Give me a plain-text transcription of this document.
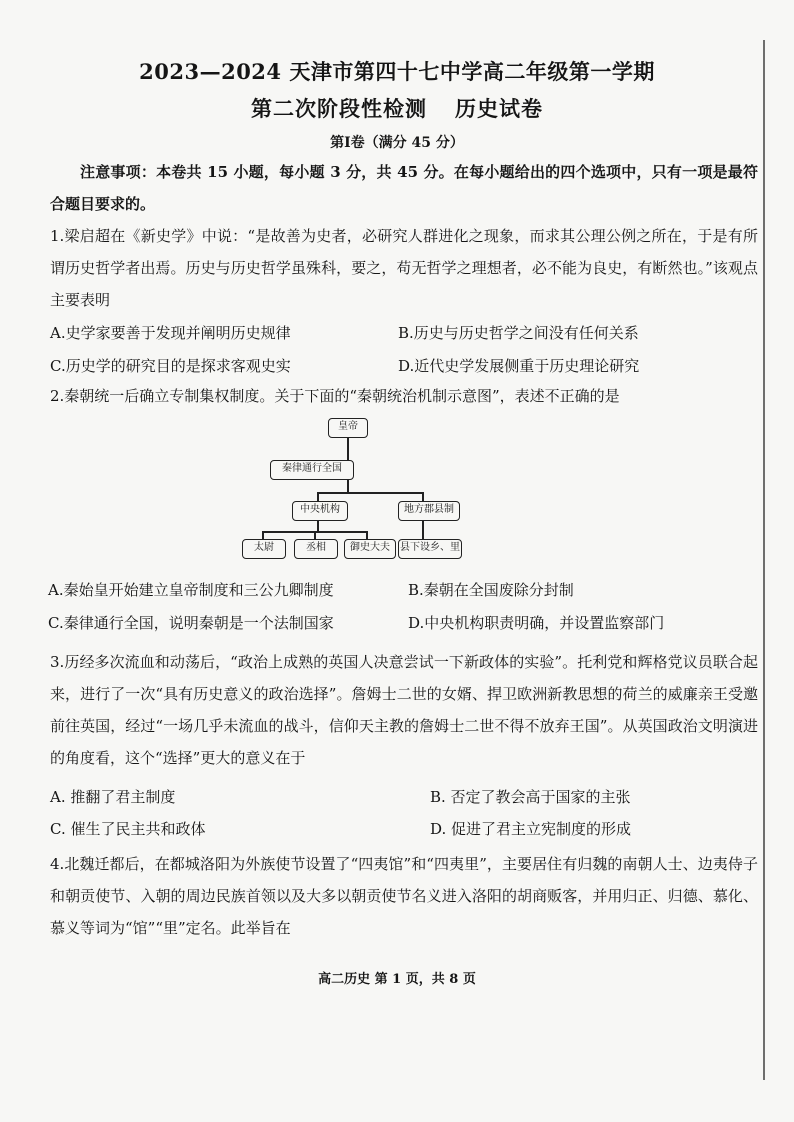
2023—2024 天津市第四十七中学高二年级第一学期
第二次阶段性检测 历史试卷
第Ⅰ卷（满分 45 分）
注意事项：本卷共 15 小题，每小题 3 分，共 45 分。在每小题给出的四个选项中，只有一项是最符合题目要求的。
1.梁启超在《新史学》中说：“是故善为史者，必研究人群进化之现象，而求其公理公例之所在，于是有所谓历史哲学者出焉。历史与历史哲学虽殊科，要之，苟无哲学之理想者，必不能为良史，有断然也。”该观点主要表明
A.史学家要善于发现并阐明历史规律	B.历史与历史哲学之间没有任何关系
C.历史学的研究目的是探求客观史实	D.近代史学发展侧重于历史理论研究
2.秦朝统一后确立专制集权制度。关于下面的“秦朝统治机制示意图”，表述不正确的是
皇帝
秦律通行全国
中央机构	地方郡县制
太尉	丞相	御史大夫	县下设乡、里
A.秦始皇开始建立皇帝制度和三公九卿制度	B.秦朝在全国废除分封制
C.秦律通行全国，说明秦朝是一个法制国家	D.中央机构职责明确，并设置监察部门
3.历经多次流血和动荡后，“政治上成熟的英国人决意尝试一下新政体的实验”。托利党和辉格党议员联合起来，进行了一次“具有历史意义的政治选择”。詹姆士二世的女婿、捍卫欧洲新教思想的荷兰的威廉亲王受邀前往英国，经过“一场几乎未流血的战斗，信仰天主教的詹姆士二世不得不放弃王国”。从英国政治文明演进的角度看，这个“选择”更大的意义在于
A. 推翻了君主制度	B. 否定了教会高于国家的主张
C. 催生了民主共和政体	D. 促进了君主立宪制度的形成
4.北魏迁都后，在都城洛阳为外族使节设置了“四夷馆”和“四夷里”，主要居住有归魏的南朝人士、边夷侍子和朝贡使节、入朝的周边民族首领以及大多以朝贡使节名义进入洛阳的胡商贩客，并用归正、归德、慕化、慕义等词为“馆”“里”定名。此举旨在
高二历史 第 1 页，共 8 页
